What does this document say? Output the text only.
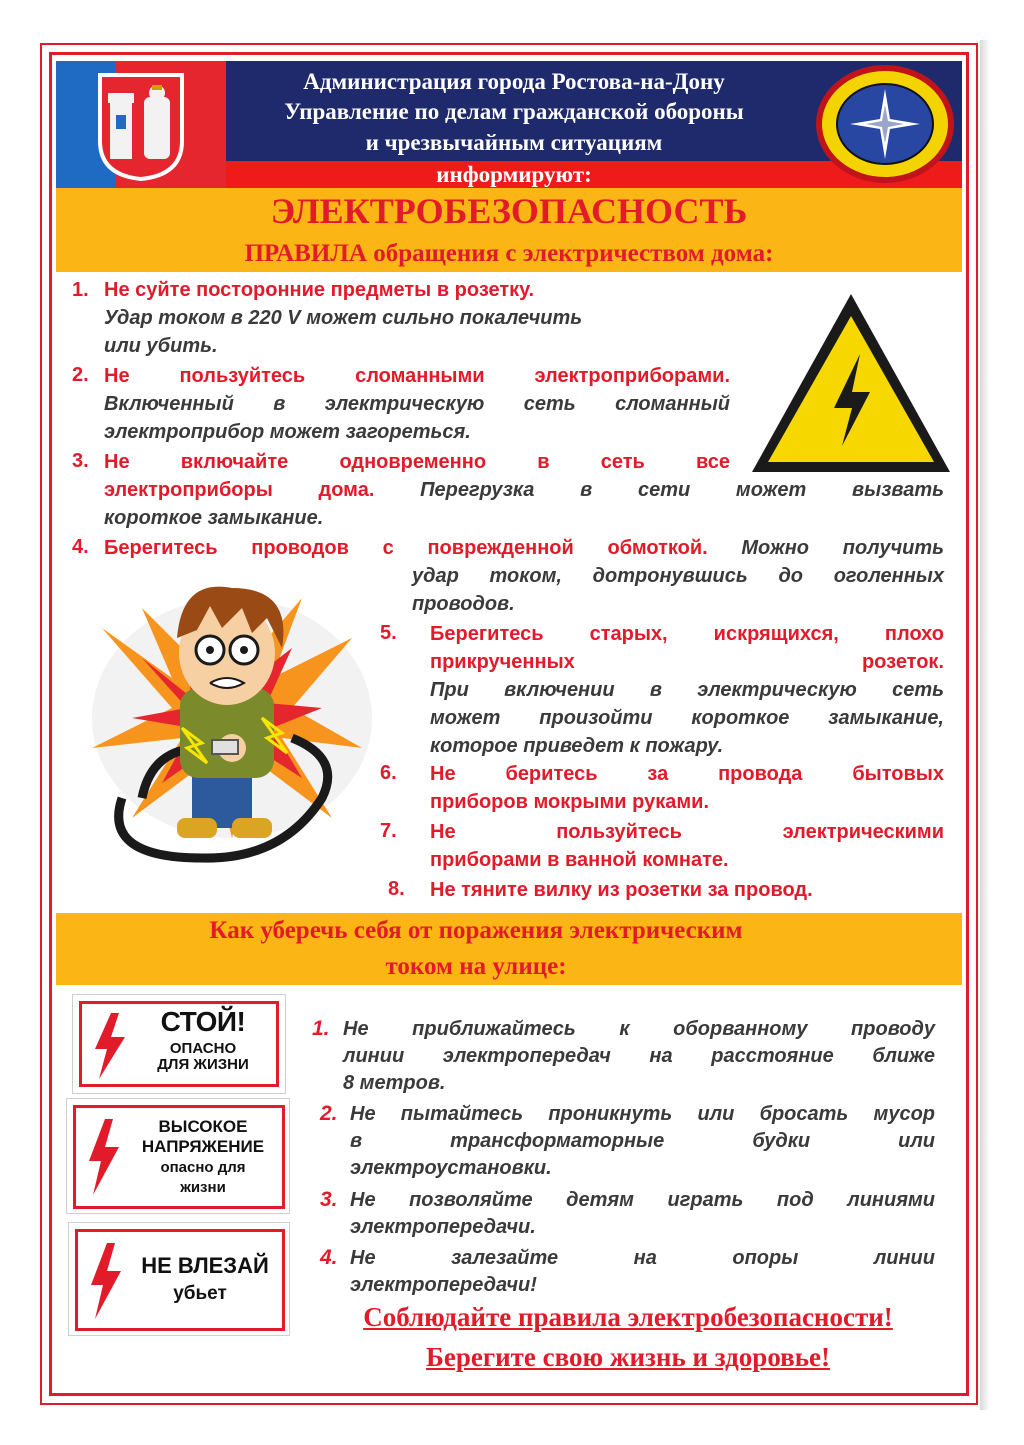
Администрация города Ростова-на-Дону
Управление по делам гражданской обороны
и чрезвычайным ситуациям
информируют:
ЭЛЕКТРОБЕЗОПАСНОСТЬ
ПРАВИЛА обращения с электричеством дома:
1. Не суйте посторонние предметы в розетку.
Удар током в 220 V может сильно покалечить
или убить.
2. Не пользуйтесь сломанными электроприборами.
Включенный в электрическую сеть сломанный
электроприбор может загореться.
3. Не включайте одновременно в сеть все
электроприборы дома. Перегрузка в сети может вызвать
короткое замыкание.
4. Берегитесь проводов с поврежденной обмоткой. Можно получить
удар током, дотронувшись до оголенных
проводов.
5. Берегитесь старых, искрящихся, плохо
прикрученных	розеток.
При включении в электрическую сеть
может произойти короткое замыкание,
которое приведет к пожару.
6. Не беритесь за провода бытовых
приборов мокрыми руками.
7. Не пользуйтесь электрическими
приборами в ванной комнате.
8. Не тяните вилку из розетки за провод.
Как уберечь себя от поражения электрическим
током на улице:
СТОЙ!
ОПАСНО
ДЛЯ ЖИЗНИ
ВЫСОКОЕ
НАПРЯЖЕНИЕ
опасно для
жизни
НЕ ВЛЕЗАЙ
убьет
1. Не приближайтесь к оборванному проводу
линии электропередач на расстояние ближе
8 метров.
2. Не пытайтесь проникнуть или бросать мусор
в трансформаторные будки или
электроустановки.
3. Не позволяйте детям играть под линиями
электропередачи.
4. Не залезайте на опоры линии
электропередачи!
Соблюдайте правила электробезопасности!
Берегите свою жизнь и здоровье!
